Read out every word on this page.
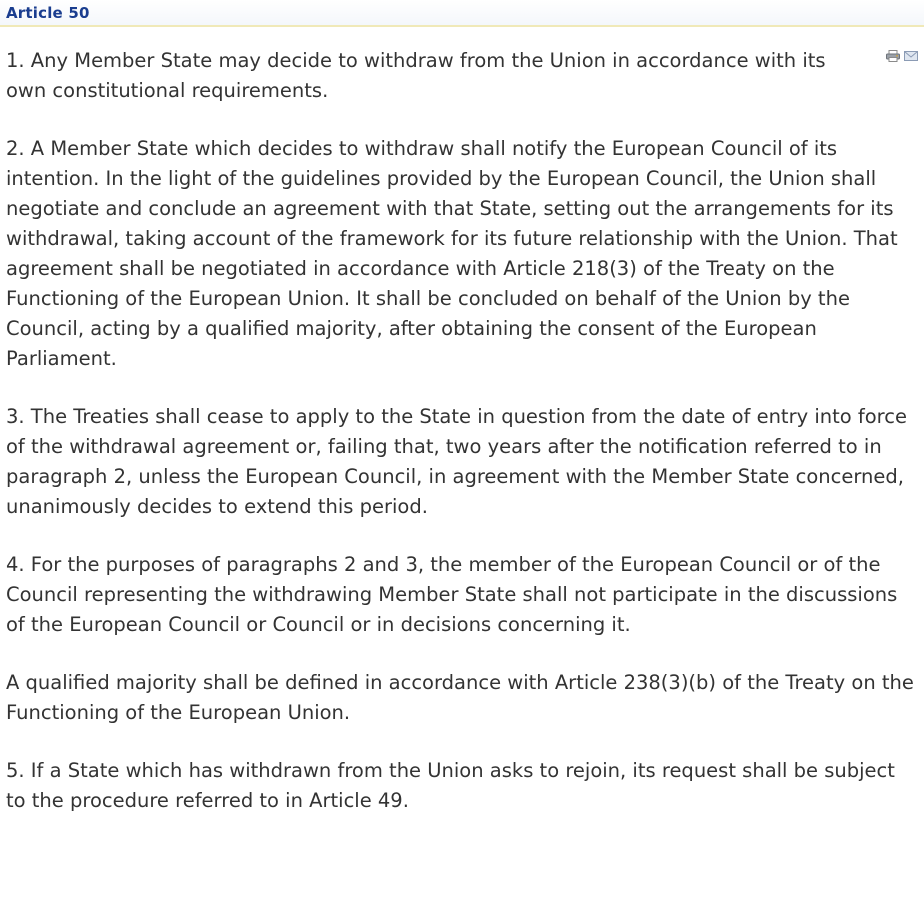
Article 50

1. Any Member State may decide to withdraw from the Union in accordance with its own constitutional requirements.

2. A Member State which decides to withdraw shall notify the European Council of its intention. In the light of the guidelines provided by the European Council, the Union shall negotiate and conclude an agreement with that State, setting out the arrangements for its withdrawal, taking account of the framework for its future relationship with the Union. That agreement shall be negotiated in accordance with Article 218(3) of the Treaty on the Functioning of the European Union. It shall be concluded on behalf of the Union by the Council, acting by a qualified majority, after obtaining the consent of the European Parliament.

3. The Treaties shall cease to apply to the State in question from the date of entry into force of the withdrawal agreement or, failing that, two years after the notification referred to in paragraph 2, unless the European Council, in agreement with the Member State concerned, unanimously decides to extend this period.

4. For the purposes of paragraphs 2 and 3, the member of the European Council or of the Council representing the withdrawing Member State shall not participate in the discussions of the European Council or Council or in decisions concerning it.

A qualified majority shall be defined in accordance with Article 238(3)(b) of the Treaty on the Functioning of the European Union.

5. If a State which has withdrawn from the Union asks to rejoin, its request shall be subject to the procedure referred to in Article 49.
